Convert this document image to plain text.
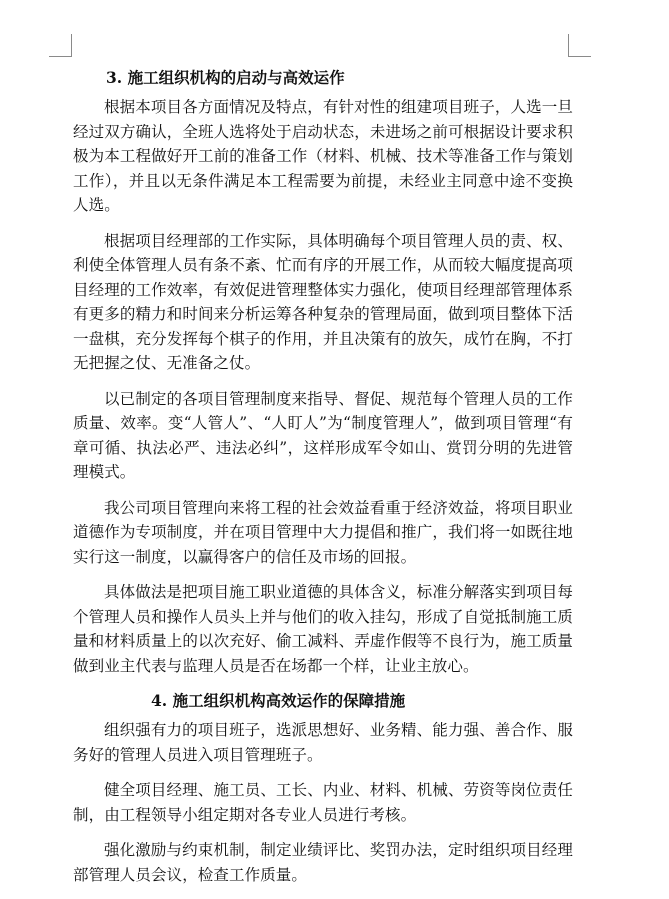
3. 施工组织机构的启动与高效运作

根据本项目各方面情况及特点，有针对性的组建项目班子，人选一旦经过双方确认，全班人选将处于启动状态，未进场之前可根据设计要求积极为本工程做好开工前的准备工作（材料、机械、技术等准备工作与策划工作），并且以无条件满足本工程需要为前提，未经业主同意中途不变换人选。

根据项目经理部的工作实际，具体明确每个项目管理人员的责、权、利使全体管理人员有条不紊、忙而有序的开展工作，从而较大幅度提高项目经理的工作效率，有效促进管理整体实力强化，使项目经理部管理体系有更多的精力和时间来分析运筹各种复杂的管理局面，做到项目整体下活一盘棋，充分发挥每个棋子的作用，并且决策有的放矢，成竹在胸，不打无把握之仗、无准备之仗。

以已制定的各项目管理制度来指导、督促、规范每个管理人员的工作质量、效率。变“人管人”、“人盯人”为“制度管理人”，做到项目管理“有章可循、执法必严、违法必纠”，这样形成军令如山、赏罚分明的先进管理模式。

我公司项目管理向来将工程的社会效益看重于经济效益，将项目职业道德作为专项制度，并在项目管理中大力提倡和推广，我们将一如既往地实行这一制度，以赢得客户的信任及市场的回报。

具体做法是把项目施工职业道德的具体含义，标准分解落实到项目每个管理人员和操作人员头上并与他们的收入挂勾，形成了自觉抵制施工质量和材料质量上的以次充好、偷工减料、弄虚作假等不良行为，施工质量做到业主代表与监理人员是否在场都一个样，让业主放心。

4. 施工组织机构高效运作的保障措施

组织强有力的项目班子，选派思想好、业务精、能力强、善合作、服务好的管理人员进入项目管理班子。

健全项目经理、施工员、工长、内业、材料、机械、劳资等岗位责任制，由工程领导小组定期对各专业人员进行考核。

强化激励与约束机制，制定业绩评比、奖罚办法，定时组织项目经理部管理人员会议，检查工作质量。
